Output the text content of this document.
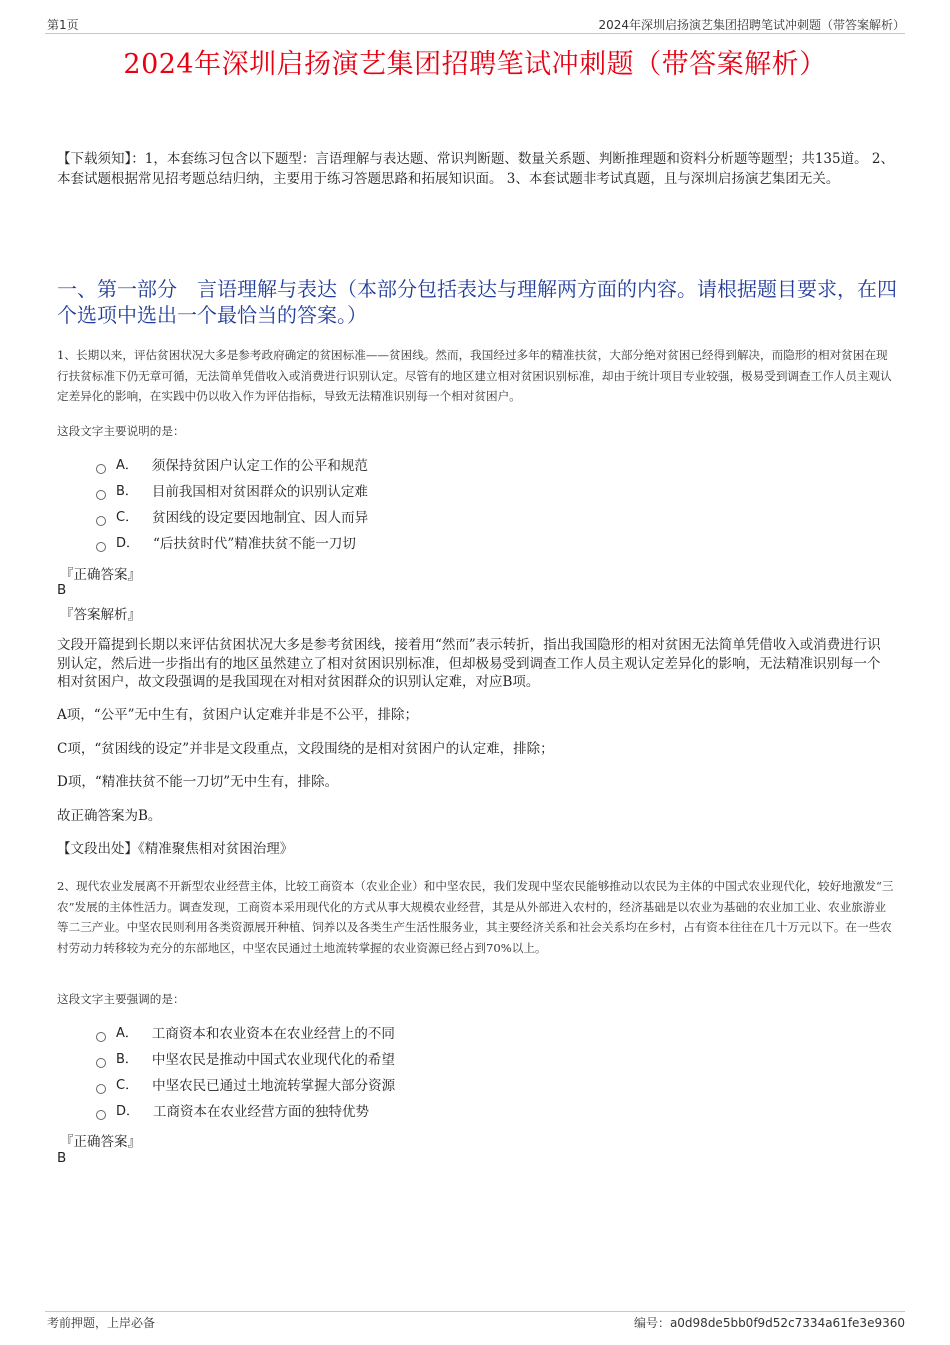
第1页	2024年深圳启扬演艺集团招聘笔试冲刺题（带答案解析）
2024年深圳启扬演艺集团招聘笔试冲刺题（带答案解析）
【下载须知】：1，本套练习包含以下题型：言语理解与表达题、常识判断题、数量关系题、判断推理题和资料分析题等题型；共135道。 2、本套试题根据常见招考题总结归纳，主要用于练习答题思路和拓展知识面。 3、本套试题非考试真题，且与深圳启扬演艺集团无关。
一、第一部分　言语理解与表达（本部分包括表达与理解两方面的内容。请根据题目要求，在四个选项中选出一个最恰当的答案。）
1、长期以来，评估贫困状况大多是参考政府确定的贫困标准——贫困线。然而，我国经过多年的精准扶贫，大部分绝对贫困已经得到解决，而隐形的相对贫困在现行扶贫标准下仍无章可循，无法简单凭借收入或消费进行识别认定。尽管有的地区建立相对贫困识别标准，却由于统计项目专业较强，极易受到调查工作人员主观认定差异化的影响，在实践中仍以收入作为评估指标，导致无法精准识别每一个相对贫困户。
这段文字主要说明的是：
A． 须保持贫困户认定工作的公平和规范
B． 目前我国相对贫困群众的识别认定难
C． 贫困线的设定要因地制宜、因人而异
D． “后扶贫时代”精准扶贫不能一刀切
『正确答案』
B
『答案解析』
文段开篇提到长期以来评估贫困状况大多是参考贫困线，接着用“然而”表示转折，指出我国隐形的相对贫困无法简单凭借收入或消费进行识别认定，然后进一步指出有的地区虽然建立了相对贫困识别标准，但却极易受到调查工作人员主观认定差异化的影响，无法精准识别每一个相对贫困户，故文段强调的是我国现在对相对贫困群众的识别认定难，对应B项。
A项，“公平”无中生有，贫困户认定难并非是不公平，排除；
C项，“贫困线的设定”并非是文段重点，文段围绕的是相对贫困户的认定难，排除；
D项，“精准扶贫不能一刀切”无中生有，排除。
故正确答案为B。
【文段出处】《精准聚焦相对贫困治理》
2、现代农业发展离不开新型农业经营主体，比较工商资本（农业企业）和中坚农民，我们发现中坚农民能够推动以农民为主体的中国式农业现代化，较好地激发“三农”发展的主体性活力。调查发现，工商资本采用现代化的方式从事大规模农业经营，其是从外部进入农村的，经济基础是以农业为基础的农业加工业、农业旅游业等二三产业。中坚农民则利用各类资源展开种植、饲养以及各类生产生活性服务业，其主要经济关系和社会关系均在乡村，占有资本往往在几十万元以下。在一些农村劳动力转移较为充分的东部地区，中坚农民通过土地流转掌握的农业资源已经占到70%以上。
这段文字主要强调的是：
A． 工商资本和农业资本在农业经营上的不同
B． 中坚农民是推动中国式农业现代化的希望
C． 中坚农民已通过土地流转掌握大部分资源
D． 工商资本在农业经营方面的独特优势
『正确答案』
B
考前押题，上岸必备	编号：a0d98de5bb0f9d52c7334a61fe3e9360
